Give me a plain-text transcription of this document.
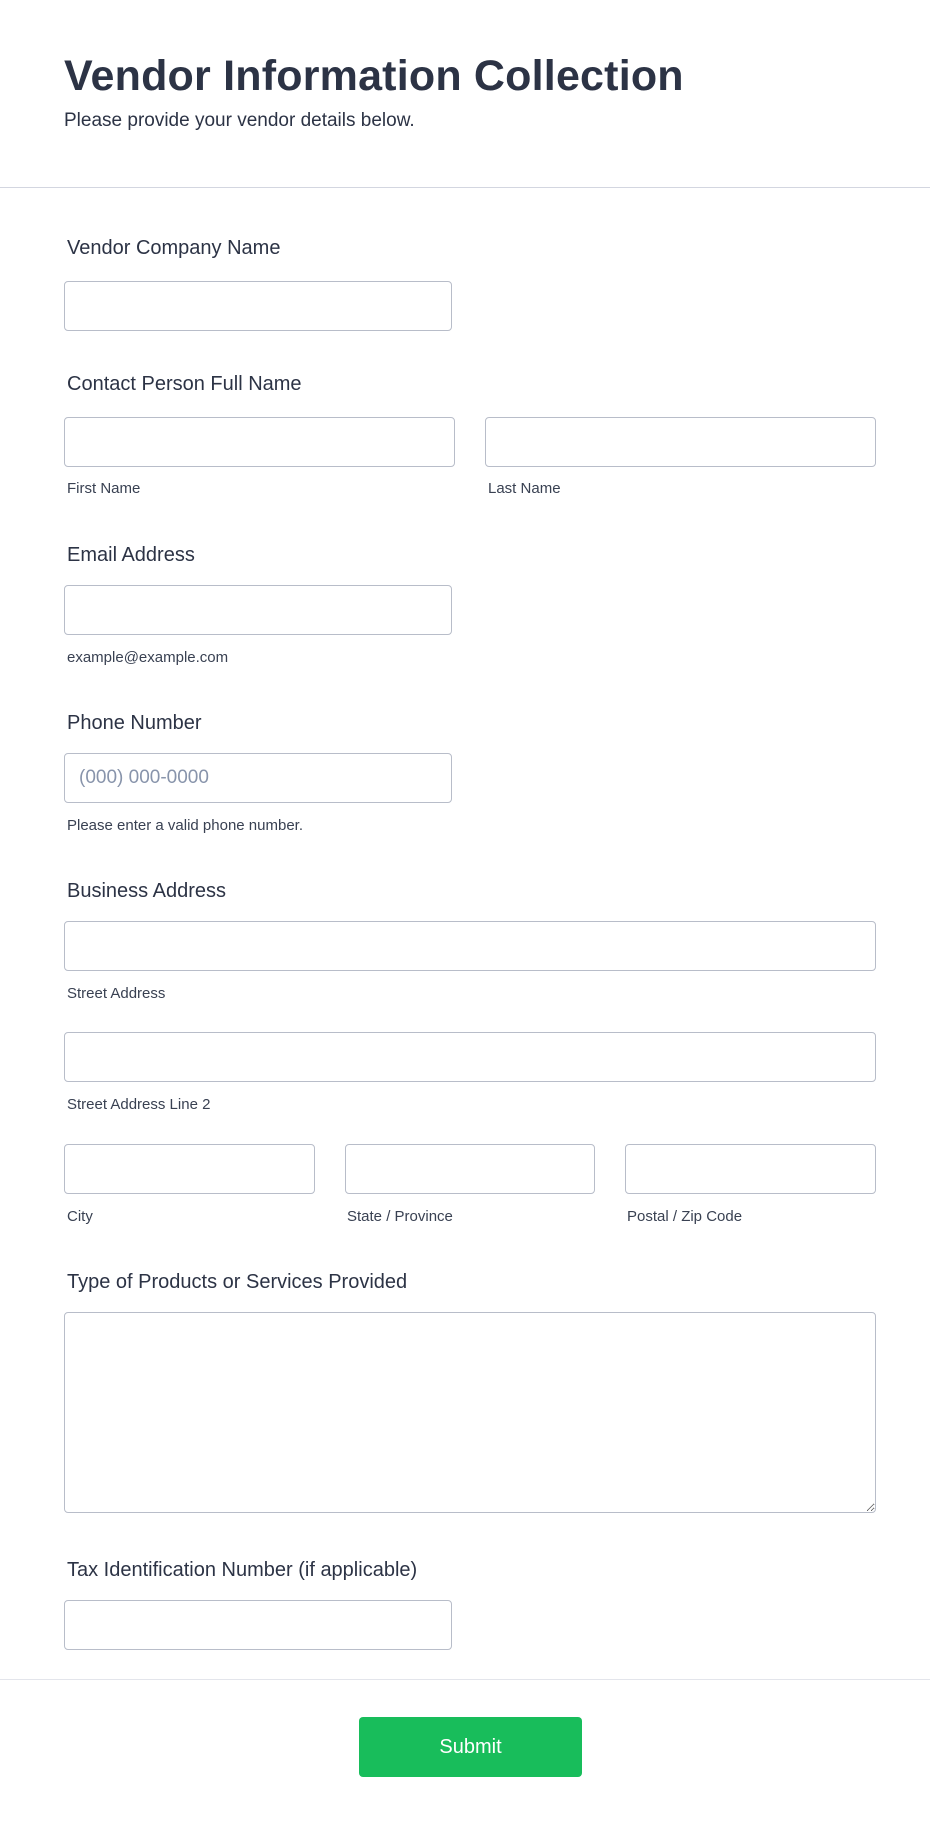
Vendor Information Collection

Please provide your vendor details below.

Vendor Company Name
Contact Person Full Name
First Name	Last Name
Email Address
example@example.com
Phone Number
(000) 000-0000
Please enter a valid phone number.
Business Address
Street Address
Street Address Line 2
City	State / Province	Postal / Zip Code
Type of Products or Services Provided
Tax Identification Number (if applicable)
Submit
